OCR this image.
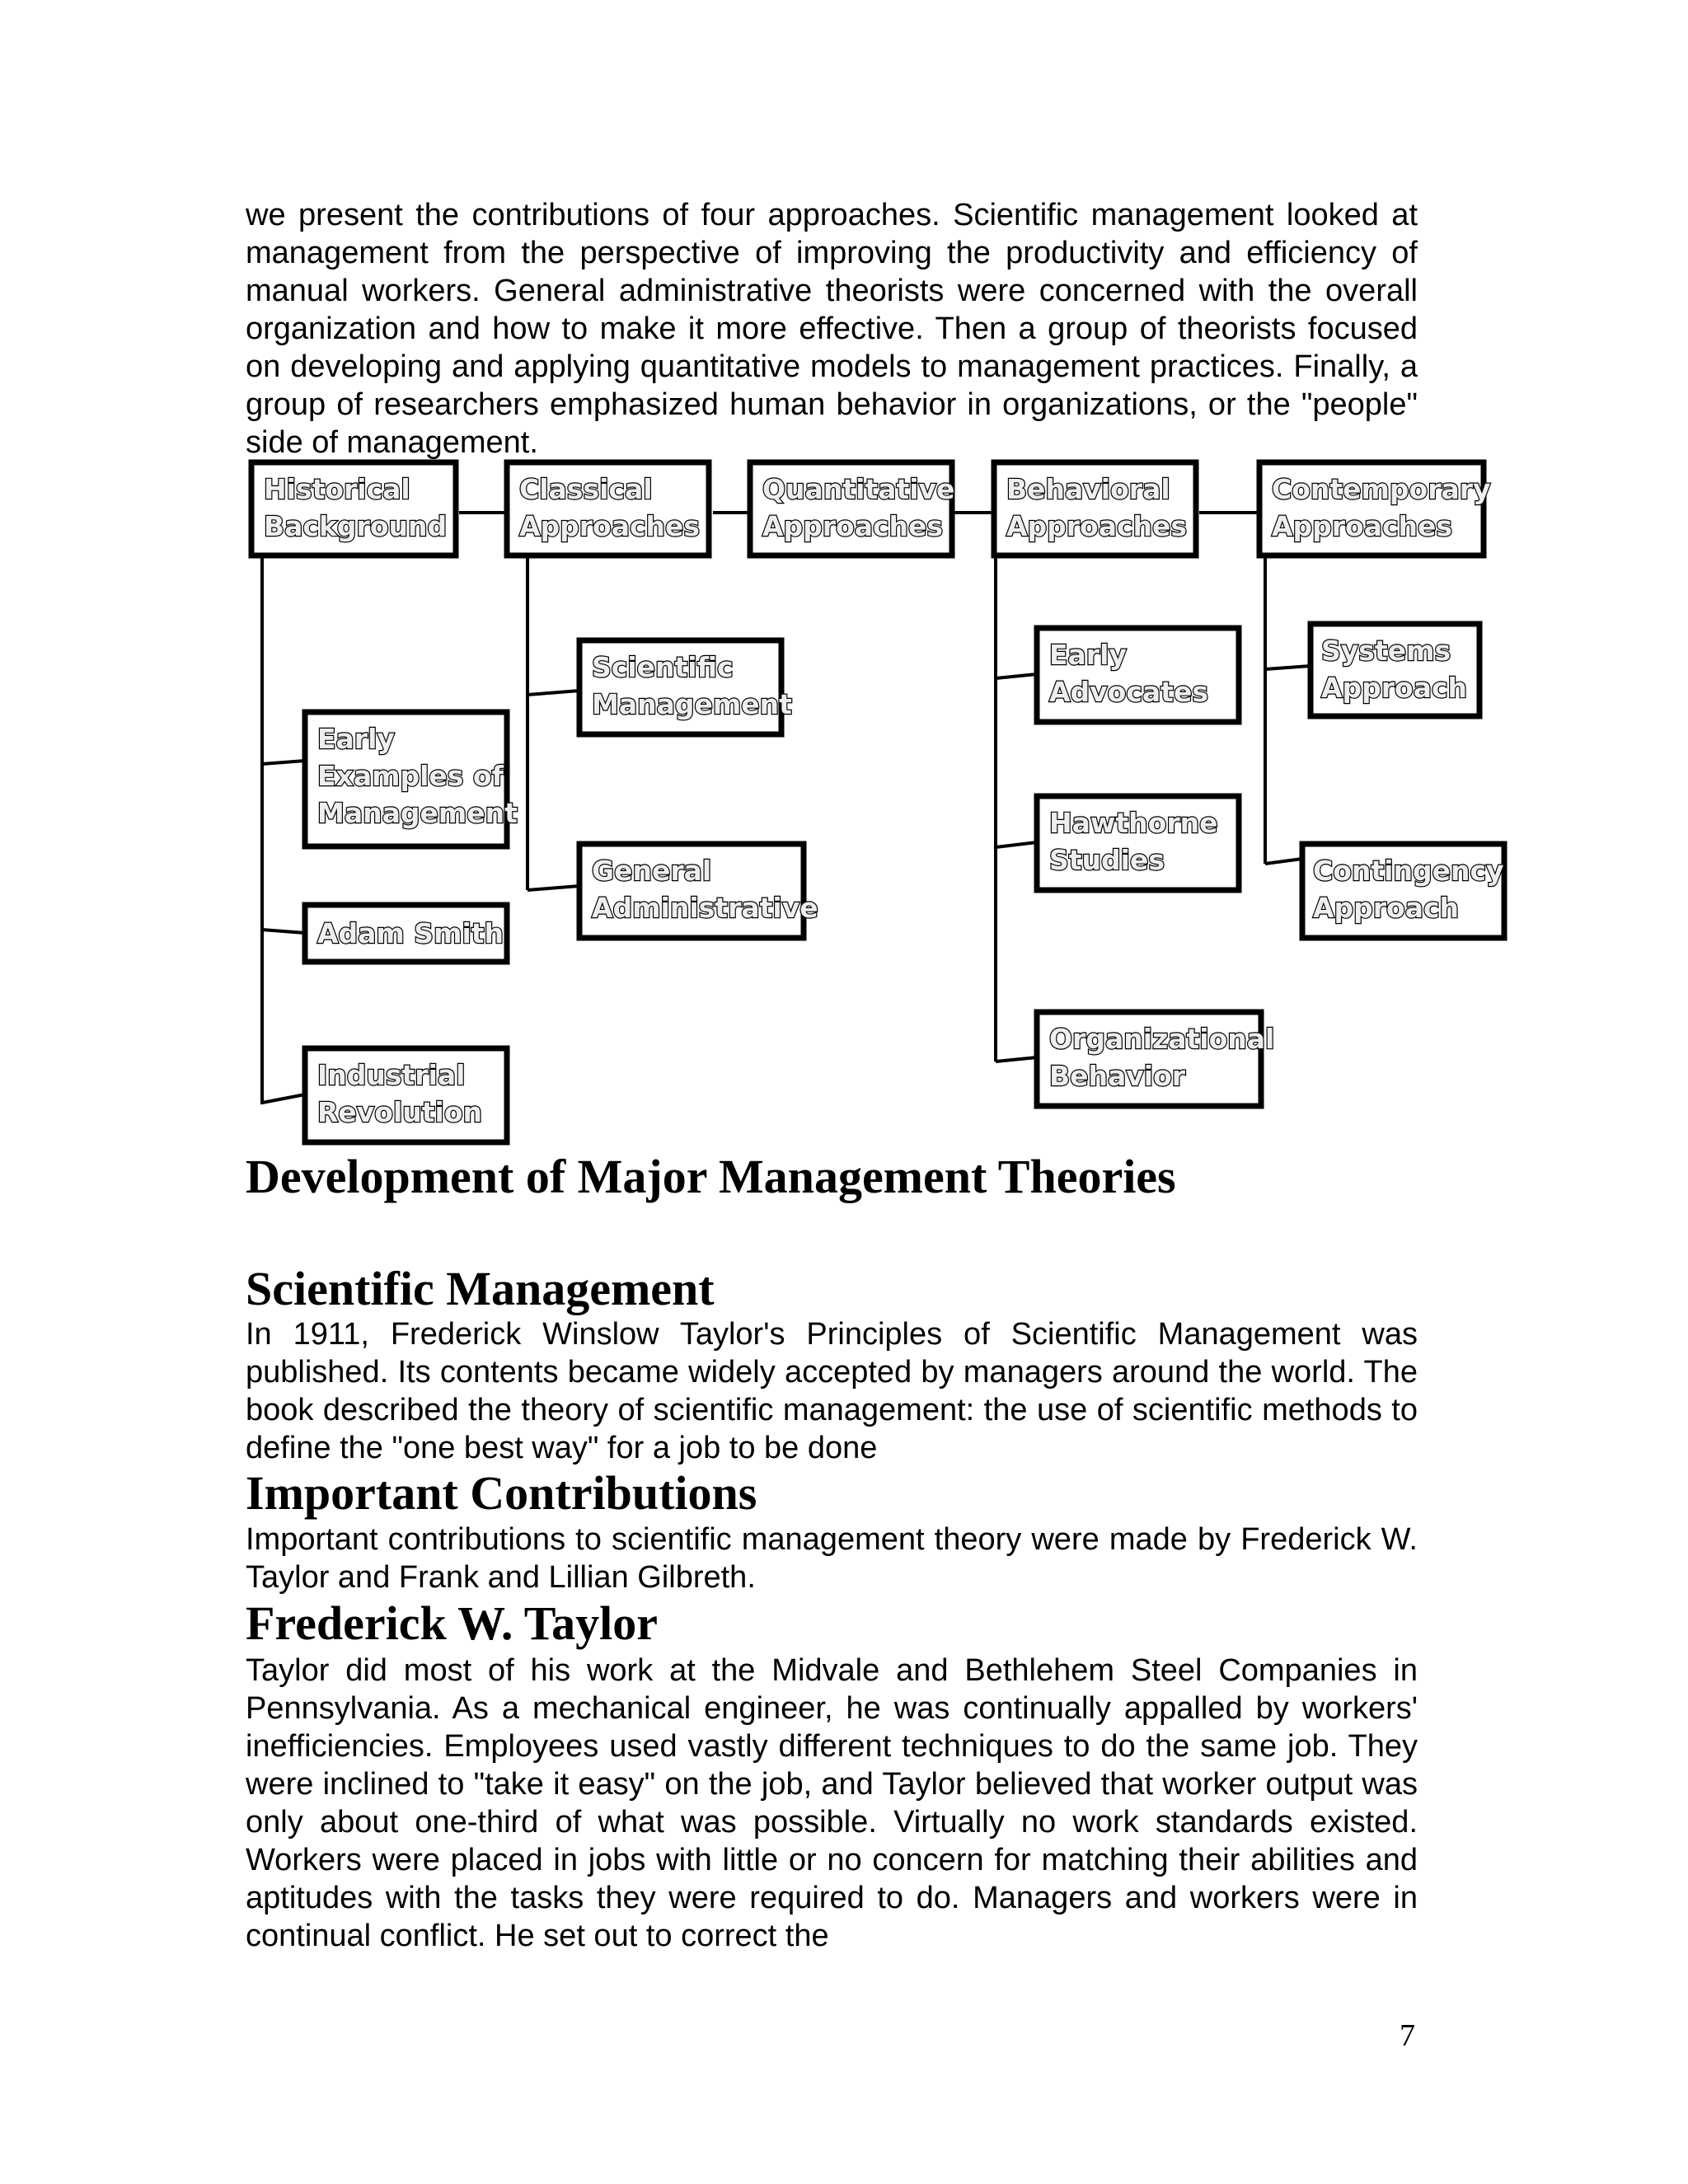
we present the contributions of four approaches. Scientific management looked at management from the perspective of improving the productivity and efficiency of manual workers. General administrative theorists were concerned with the overall organization and how to make it more effective. Then a group of theorists focused on developing and applying quantitative models to management practices. Finally, a group of researchers emphasized human behavior in organizations, or the "people" side of management.

Historical
Background
Classical
Approaches
Quantitative
Approaches
Behavioral
Approaches
Contemporary
Approaches
Early
Examples of
Management
Adam Smith
Industrial
Revolution
Scientific
Management
General
Administrative
Early
Advocates
Hawthorne
Studies
Organizational
Behavior
Systems
Approach
Contingency
Approach
Development of Major Management Theories
Scientific Management

In 1911, Frederick Winslow Taylor's Principles of Scientific Management was published. Its contents became widely accepted by managers around the world. The book described the theory of scientific management: the use of scientific methods to define the "one best way" for a job to be done

Important Contributions

Important contributions to scientific management theory were made by Frederick W. Taylor and Frank and Lillian Gilbreth.

Frederick W. Taylor

Taylor did most of his work at the Midvale and Bethlehem Steel Companies in Pennsylvania. As a mechanical engineer, he was continually appalled by workers' inefficiencies. Employees used vastly different techniques to do the same job. They were inclined to "take it easy" on the job, and Taylor believed that worker output was only about one-third of what was possible. Virtually no work standards existed. Workers were placed in jobs with little or no concern for matching their abilities and aptitudes with the tasks they were required to do. Managers and workers were in continual conflict. He set out to correct the

7
